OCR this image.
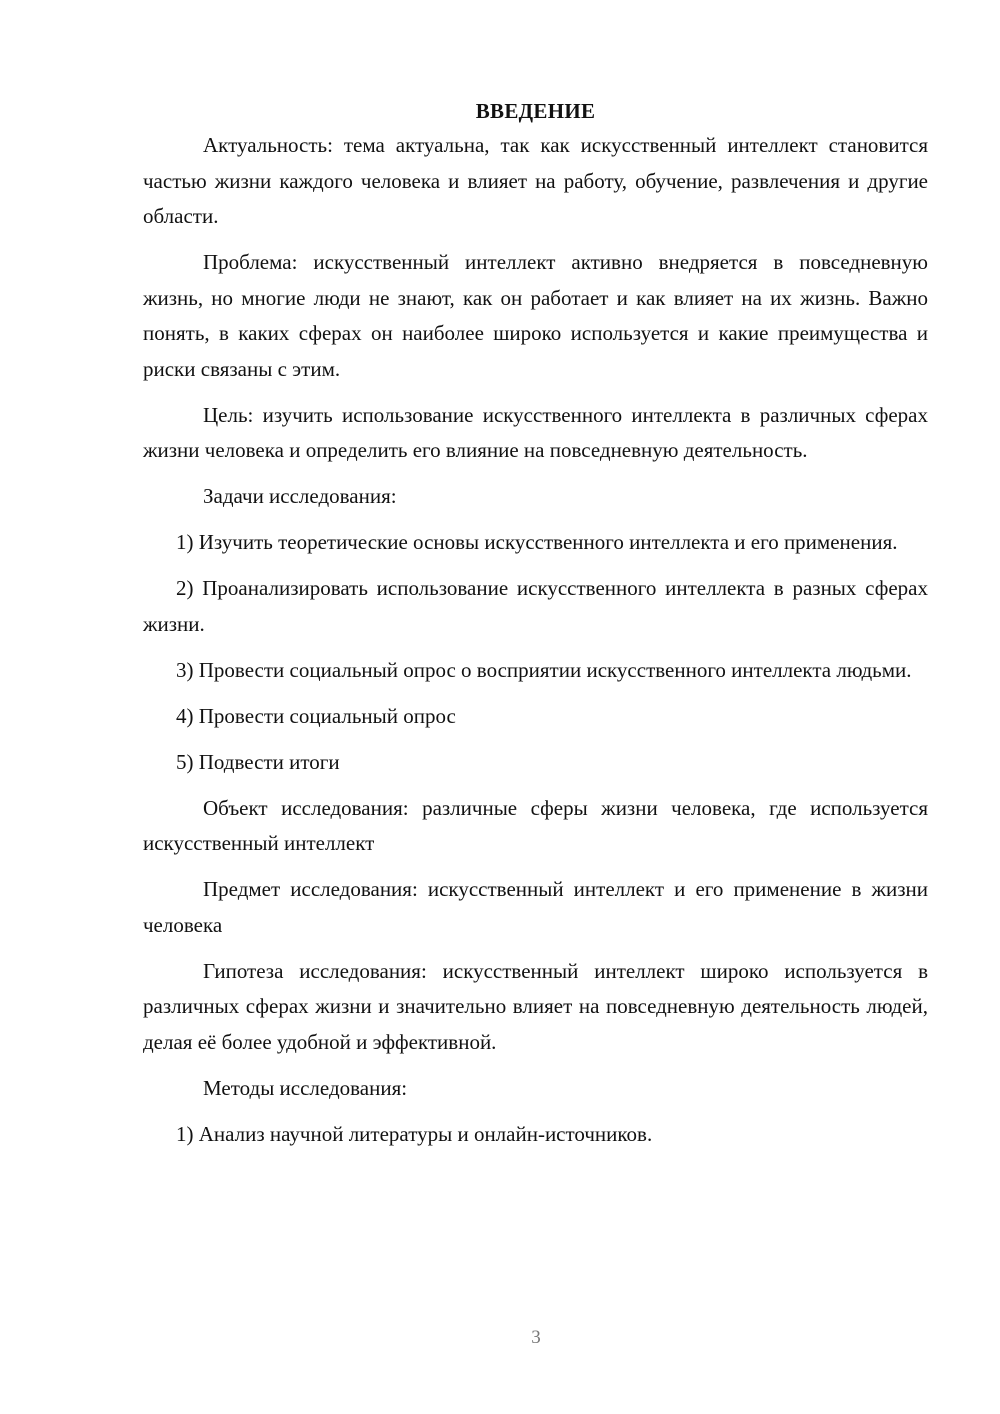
ВВЕДЕНИЕ
Актуальность: тема актуальна, так как искусственный интеллект становится частью жизни каждого человека и влияет на работу, обучение, развлечения и другие области.
Проблема: искусственный интеллект активно внедряется в повседневную жизнь, но многие люди не знают, как он работает и как влияет на их жизнь. Важно понять, в каких сферах он наиболее широко используется и какие преимущества и риски связаны с этим.
Цель: изучить использование искусственного интеллекта в различных сферах жизни человека и определить его влияние на повседневную деятельность.
Задачи исследования:
1) Изучить теоретические основы искусственного интеллекта и его применения.
2) Проанализировать использование искусственного интеллекта в разных сферах жизни.
3) Провести социальный опрос о восприятии искусственного интеллекта людьми.
4) Провести социальный опрос
5) Подвести итоги
Объект исследования: различные сферы жизни человека, где используется искусственный интеллект
Предмет исследования: искусственный интеллект и его применение в жизни человека
Гипотеза исследования: искусственный интеллект широко используется в различных сферах жизни и значительно влияет на повседневную деятельность людей, делая её более удобной и эффективной.
Методы исследования:
1) Анализ научной литературы и онлайн-источников.
3
